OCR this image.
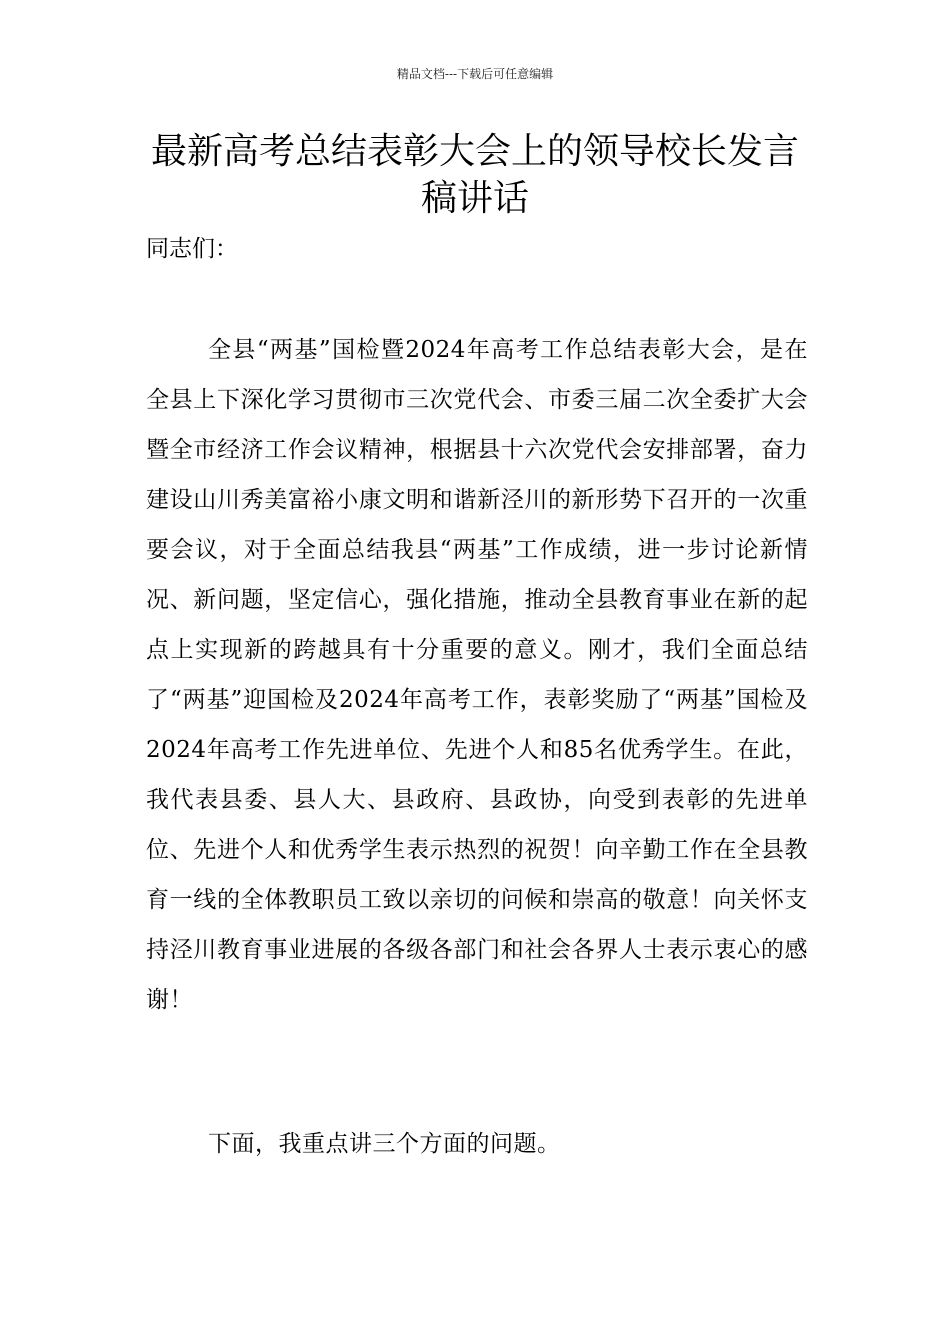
精品文档---下载后可任意编辑
最新高考总结表彰大会上的领导校长发言稿讲话

同志们：

全县“两基”国检暨2024年高考工作总结表彰大会，是在全县上下深化学习贯彻市三次党代会、市委三届二次全委扩大会暨全市经济工作会议精神，根据县十六次党代会安排部署，奋力建设山川秀美富裕小康文明和谐新泾川的新形势下召开的一次重要会议，对于全面总结我县“两基”工作成绩，进一步讨论新情况、新问题，坚定信心，强化措施，推动全县教育事业在新的起点上实现新的跨越具有十分重要的意义。刚才，我们全面总结了“两基”迎国检及2024年高考工作，表彰奖励了“两基”国检及2024年高考工作先进单位、先进个人和85名优秀学生。在此，我代表县委、县人大、县政府、县政协，向受到表彰的先进单位、先进个人和优秀学生表示热烈的祝贺！向辛勤工作在全县教育一线的全体教职员工致以亲切的问候和崇高的敬意！向关怀支持泾川教育事业进展的各级各部门和社会各界人士表示衷心的感谢！

下面，我重点讲三个方面的问题。
